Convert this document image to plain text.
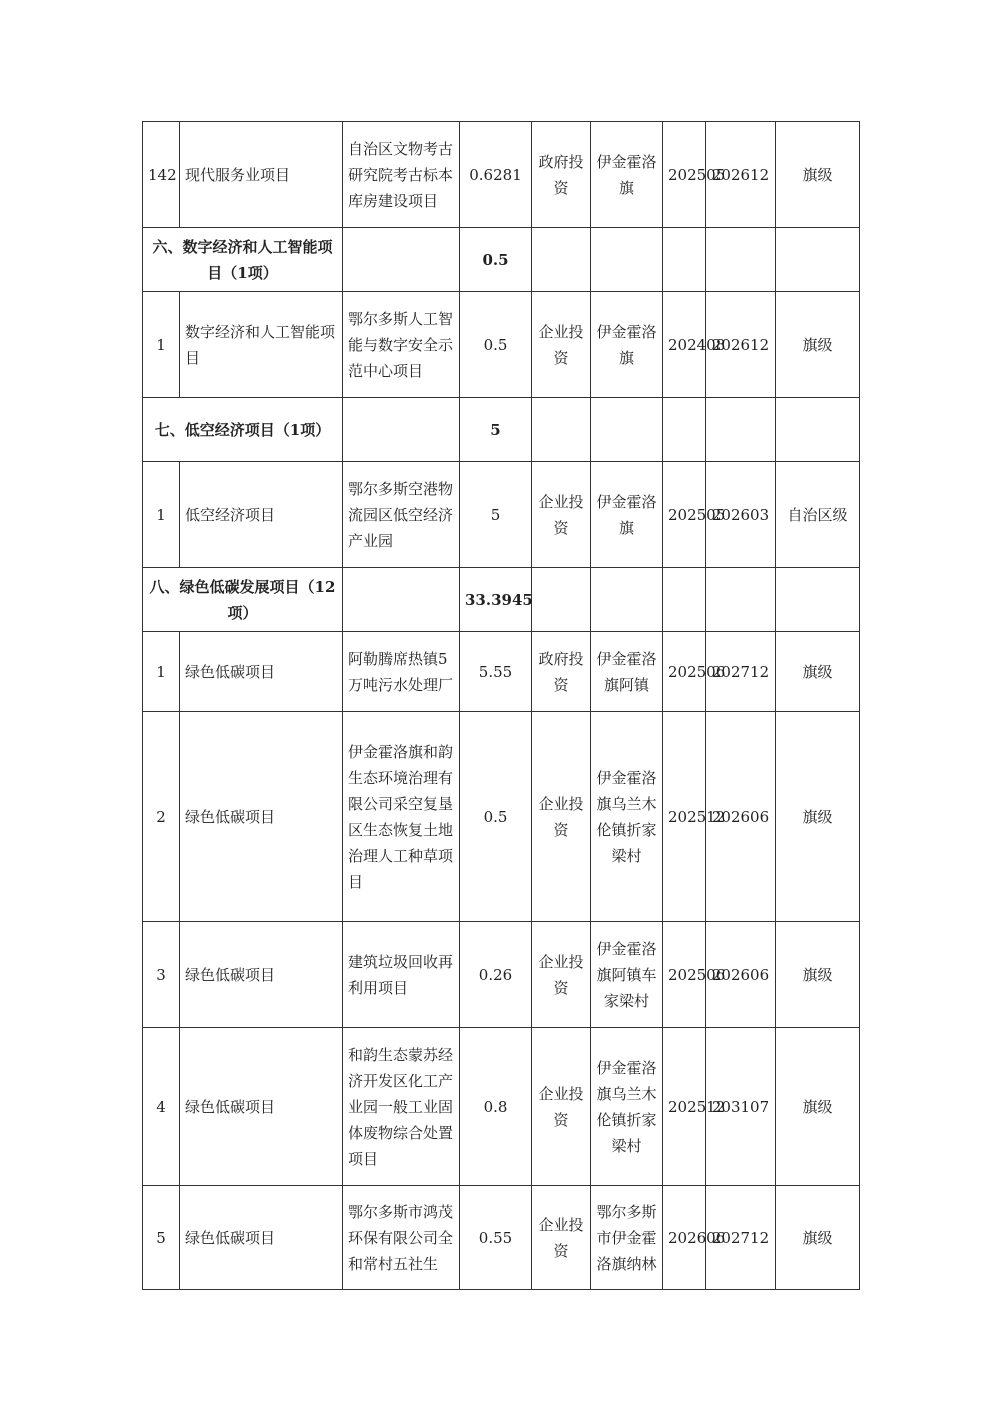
142	现代服务业项目	自治区文物考古研究院考古标本库房建设项目	0.6281	政府投资	伊金霍洛旗	202505	202612	旗级
六、数字经济和人工智能项目（1项）			0.5					
1	数字经济和人工智能项目	鄂尔多斯人工智能与数字安全示范中心项目	0.5	企业投资	伊金霍洛旗	202408	202612	旗级
七、低空经济项目（1项）			5					
1	低空经济项目	鄂尔多斯空港物流园区低空经济产业园	5	企业投资	伊金霍洛旗	202505	202603	自治区级
八、绿色低碳发展项目（12项）			33.3945					
1	绿色低碳项目	阿勒腾席热镇5万吨污水处理厂	5.55	政府投资	伊金霍洛旗阿镇	202506	202712	旗级
2	绿色低碳项目	伊金霍洛旗和韵生态环境治理有限公司采空复垦区生态恢复土地治理人工种草项目	0.5	企业投资	伊金霍洛旗乌兰木伦镇折家梁村	202512	202606	旗级
3	绿色低碳项目	建筑垃圾回收再利用项目	0.26	企业投资	伊金霍洛旗阿镇车家梁村	202506	202606	旗级
4	绿色低碳项目	和韵生态蒙苏经济开发区化工产业园一般工业固体废物综合处置项目	0.8	企业投资	伊金霍洛旗乌兰木伦镇折家梁村	202512	203107	旗级
5	绿色低碳项目	鄂尔多斯市鸿茂环保有限公司全和常村五社生	0.55	企业投资	鄂尔多斯市伊金霍洛旗纳林	202606	202712	旗级
